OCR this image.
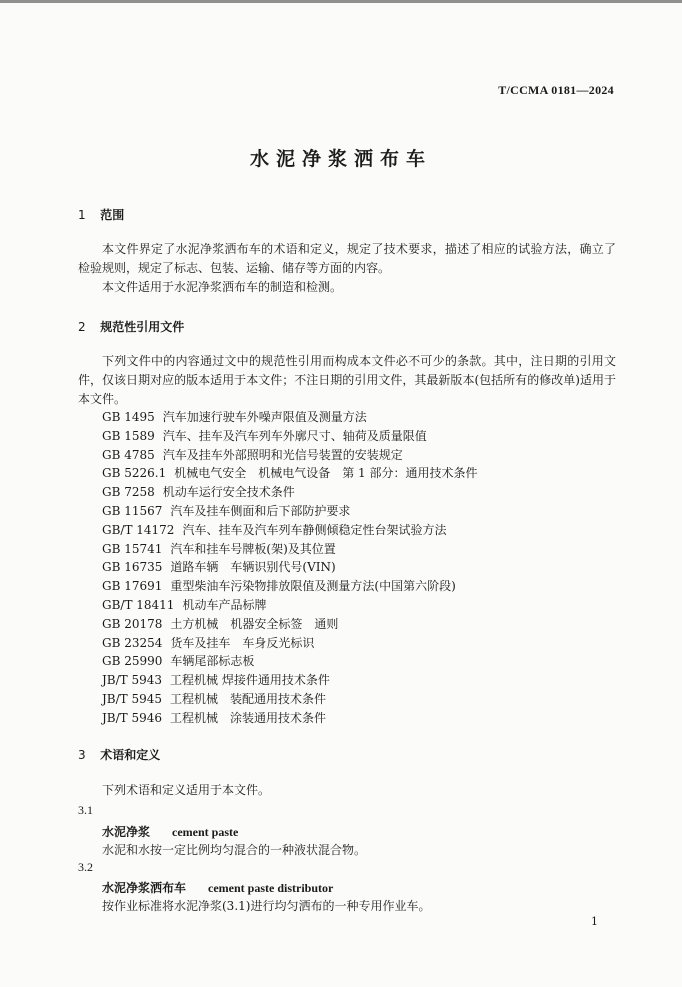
T/CCMA 0181—2024
水泥净浆洒布车
1 范围

本文件界定了水泥净浆洒布车的术语和定义，规定了技术要求，描述了相应的试验方法，确立了检验规则，规定了标志、包装、运输、储存等方面的内容。

本文件适用于水泥净浆洒布车的制造和检测。

2 规范性引用文件

下列文件中的内容通过文中的规范性引用而构成本文件必不可少的条款。其中，注日期的引用文件，仅该日期对应的版本适用于本文件；不注日期的引用文件，其最新版本(包括所有的修改单)适用于本文件。

GB 1495 汽车加速行驶车外噪声限值及测量方法
GB 1589 汽车、挂车及汽车列车外廓尺寸、轴荷及质量限值
GB 4785 汽车及挂车外部照明和光信号装置的安装规定
GB 5226.1 机械电气安全　机械电气设备　第 1 部分：通用技术条件
GB 7258 机动车运行安全技术条件
GB 11567 汽车及挂车侧面和后下部防护要求
GB/T 14172 汽车、挂车及汽车列车静侧倾稳定性台架试验方法
GB 15741 汽车和挂车号牌板(架)及其位置
GB 16735 道路车辆　车辆识别代号(VIN)
GB 17691 重型柴油车污染物排放限值及测量方法(中国第六阶段)
GB/T 18411 机动车产品标牌
GB 20178 土方机械　机器安全标签　通则
GB 23254 货车及挂车　车身反光标识
GB 25990 车辆尾部标志板
JB/T 5943 工程机械 焊接件通用技术条件
JB/T 5945 工程机械　装配通用技术条件
JB/T 5946 工程机械　涂装通用技术条件
3 术语和定义

下列术语和定义适用于本文件。

3.1
水泥净浆 cement paste
水泥和水按一定比例均匀混合的一种液状混合物。
3.2
水泥净浆洒布车 cement paste distributor
按作业标准将水泥净浆(3.1)进行均匀洒布的一种专用作业车。
1
